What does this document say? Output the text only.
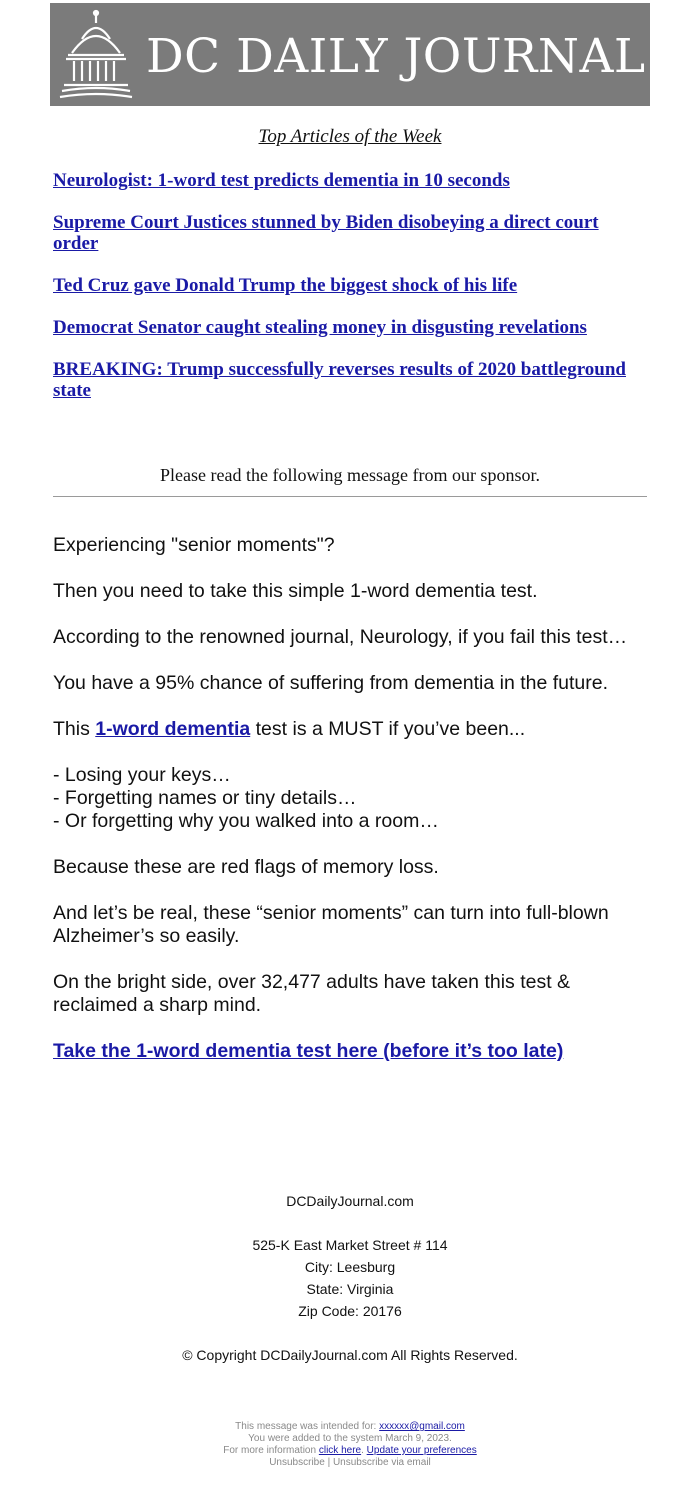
DC DAILY JOURNAL
Top Articles of the Week
Neurologist: 1-word test predicts dementia in 10 seconds
Supreme Court Justices stunned by Biden disobeying a direct court order
Ted Cruz gave Donald Trump the biggest shock of his life
Democrat Senator caught stealing money in disgusting revelations
BREAKING: Trump successfully reverses results of 2020 battleground state
Please read the following message from our sponsor.

Experiencing "senior moments"?

Then you need to take this simple 1-word dementia test.

According to the renowned journal, Neurology, if you fail this test…

You have a 95% chance of suffering from dementia in the future.

This 1-word dementia test is a MUST if you’ve been...

- Losing your keys…
- Forgetting names or tiny details…
- Or forgetting why you walked into a room…

Because these are red flags of memory loss.

And let’s be real, these “senior moments” can turn into full-blown Alzheimer’s so easily.

On the bright side, over 32,477 adults have taken this test & reclaimed a sharp mind.

Take the 1-word dementia test here (before it’s too late)

DCDailyJournal.com
525-K East Market Street # 114
City: Leesburg
State: Virginia
Zip Code: 20176
© Copyright DCDailyJournal.com All Rights Reserved.
This message was intended for: xxxxxx@gmail.com
You were added to the system March 9, 2023.
For more information click here. Update your preferences
Unsubscribe | Unsubscribe via email
